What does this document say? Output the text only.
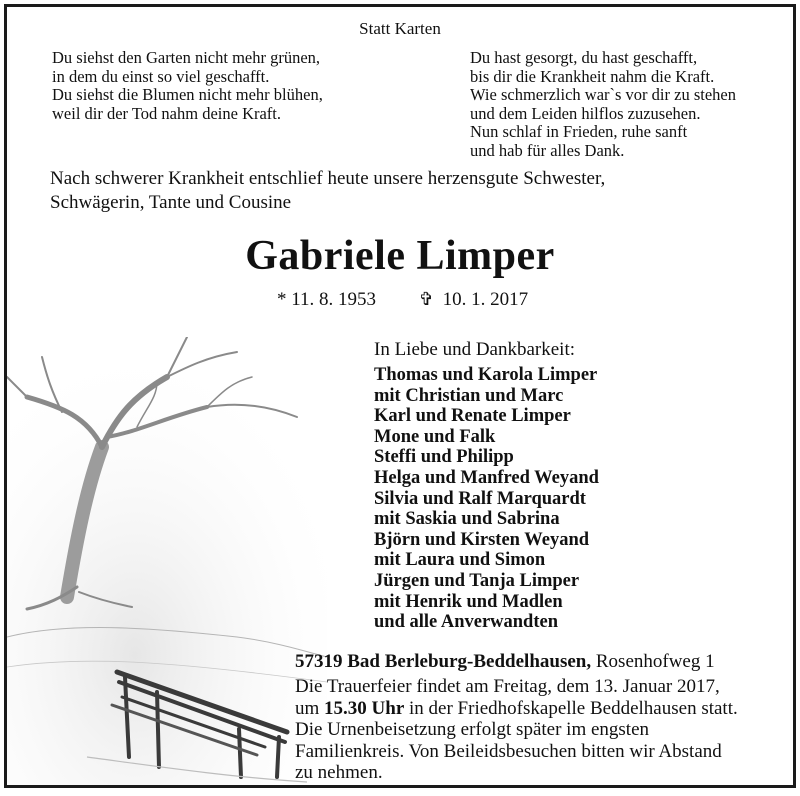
Statt Karten
Du siehst den Garten nicht mehr grünen,
in dem du einst so viel geschafft.
Du siehst die Blumen nicht mehr blühen,
weil dir der Tod nahm deine Kraft.
Du hast gesorgt, du hast geschafft,
bis dir die Krankheit nahm die Kraft.
Wie schmerzlich war`s vor dir zu stehen
und dem Leiden hilflos zuzusehen.
Nun schlaf in Frieden, ruhe sanft
und hab für alles Dank.
Nach schwerer Krankheit entschlief heute unsere herzensgute Schwester,
Schwägerin, Tante und Cousine
Gabriele Limper
* 11. 8. 1953 ✞ 10. 1. 2017
In Liebe und Dankbarkeit:
Thomas und Karola Limper
mit Christian und Marc
Karl und Renate Limper
Mone und Falk
Steffi und Philipp
Helga und Manfred Weyand
Silvia und Ralf Marquardt
mit Saskia und Sabrina
Björn und Kirsten Weyand
mit Laura und Simon
Jürgen und Tanja Limper
mit Henrik und Madlen
und alle Anverwandten
57319 Bad Berleburg-Beddelhausen, Rosenhofweg 1
Die Trauerfeier findet am Freitag, dem 13. Januar 2017,
um 15.30 Uhr in der Friedhofskapelle Beddelhausen statt.
Die Urnenbeisetzung erfolgt später im engsten
Familienkreis. Von Beileidsbesuchen bitten wir Abstand
zu nehmen.
